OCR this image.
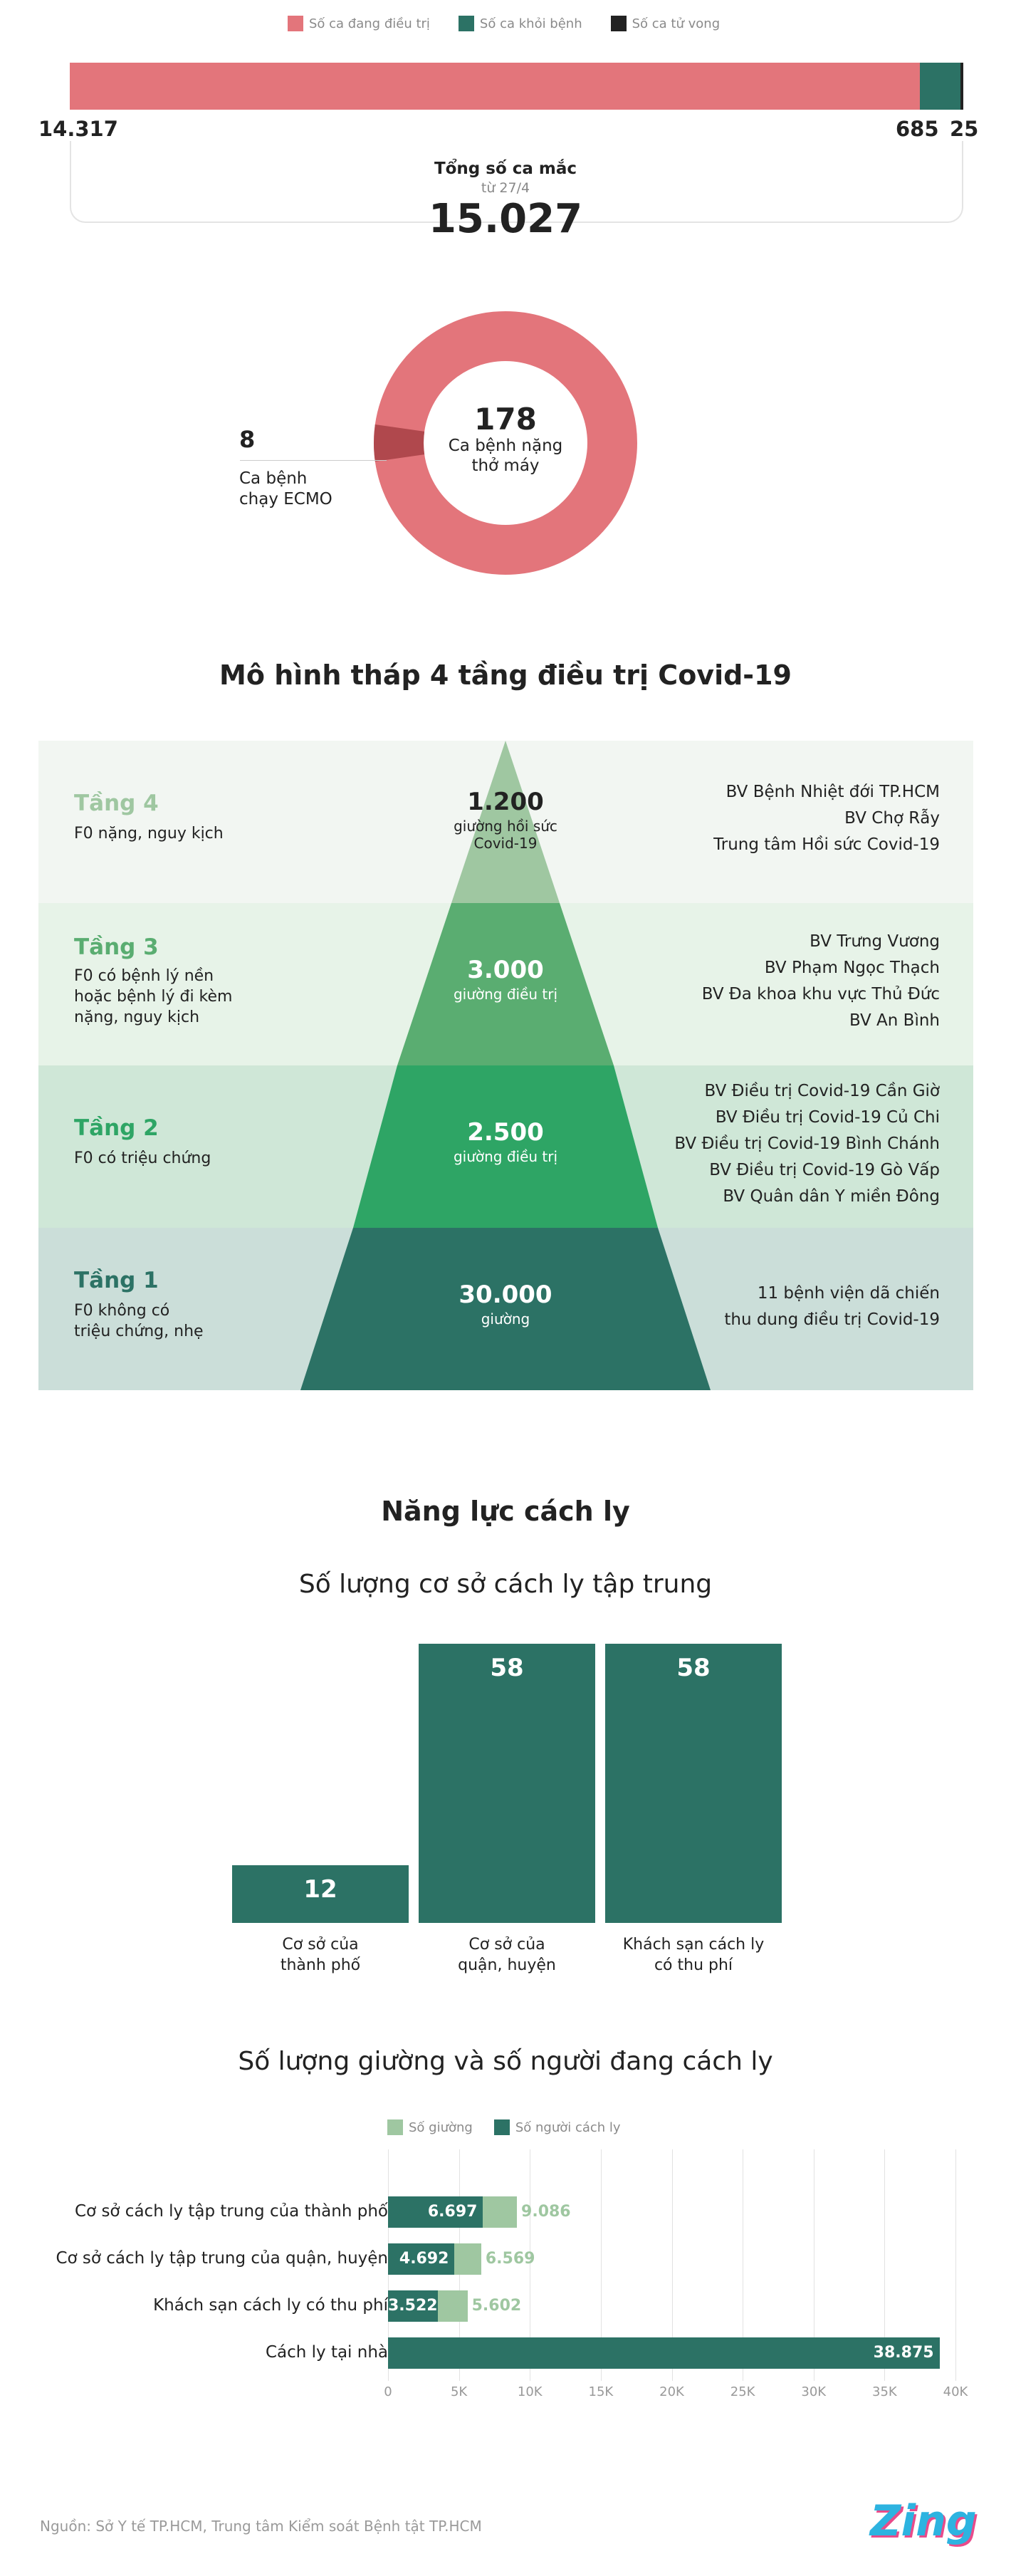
Số ca đang điều trị	Số ca khỏi bệnh	Số ca tử vong
14.317	685 25
Tổng số ca mắc
từ 27/4
15.027
178
Ca bệnh nặng
thở máy
8
Ca bệnh
chạy ECMO
Mô hình tháp 4 tầng điều trị Covid-19
Tầng 4
F0 nặng, nguy kịch
1.200
giường hồi sức
Covid-19
BV Bệnh Nhiệt đới TP.HCM
BV Chợ Rẫy
Trung tâm Hồi sức Covid-19
Tầng 3
F0 có bệnh lý nền
hoặc bệnh lý đi kèm
nặng, nguy kịch
3.000
giường điều trị
BV Trưng Vương
BV Phạm Ngọc Thạch
BV Đa khoa khu vực Thủ Đức
BV An Bình
Tầng 2
F0 có triệu chứng
2.500
giường điều trị
BV Điều trị Covid-19 Cần Giờ
BV Điều trị Covid-19 Củ Chi
BV Điều trị Covid-19 Bình Chánh
BV Điều trị Covid-19 Gò Vấp
BV Quân dân Y miền Đông
Tầng 1
F0 không có
triệu chứng, nhẹ
30.000
giường
11 bệnh viện dã chiến
thu dung điều trị Covid-19
Năng lực cách ly
Số lượng cơ sở cách ly tập trung
12
58	58
Cơ sở của
thành phố
Cơ sở của
quận, huyện
Khách sạn cách ly
có thu phí
Số lượng giường và số người đang cách ly
Số giường	Số người cách ly
Cơ sở cách ly tập trung của thành phố
Cơ sở cách ly tập trung của quận, huyện
Khách sạn cách ly có thu phí
Cách ly tại nhà
0	5K	10K	15K	20K	25K	30K	35K	40K
9.086
6.697
6.569
4.692
5.602
3.522
38.875
Nguồn: Sở Y tế TP.HCM, Trung tâm Kiểm soát Bệnh tật TP.HCM	Zing
